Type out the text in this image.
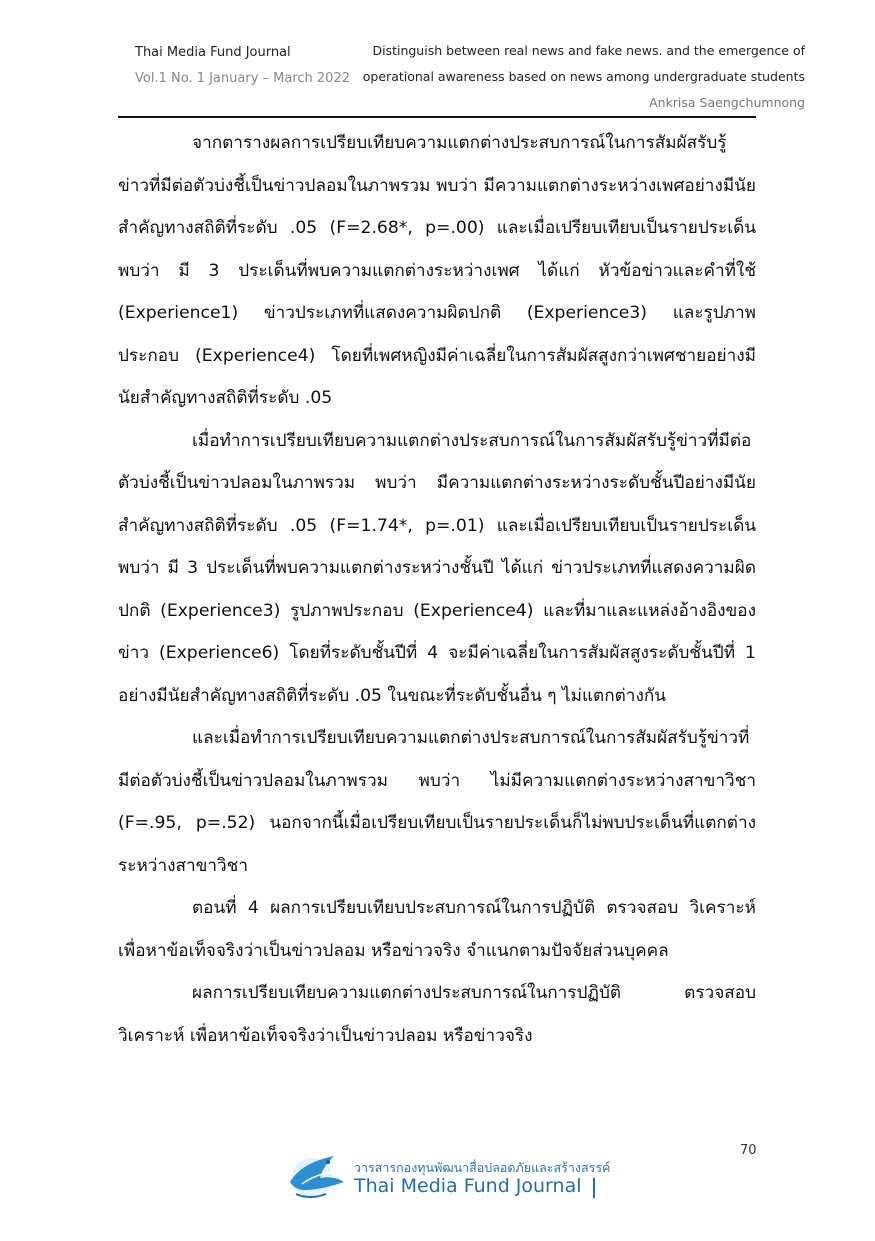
Thai Media Fund Journal
Vol.1 No. 1 January – March 2022
Distinguish between real news and fake news. and the emergence of
operational awareness based on news among undergraduate students
Ankrisa Saengchumnong

จากตารางผลการเปรียบเทียบความแตกต่างประสบการณ์ในการสัมผัสรับรู้ข่าวที่มีต่อตัวบ่งชี้เป็นข่าวปลอมในภาพรวม พบว่า มีความแตกต่างระหว่างเพศอย่างมีนัยสำคัญทางสถิติที่ระดับ .05 (F=2.68*, p=.00) และเมื่อเปรียบเทียบเป็นรายประเด็น พบว่า มี 3 ประเด็นที่พบความแตกต่างระหว่างเพศ ได้แก่ หัวข้อข่าวและคำที่ใช้ (Experience1) ข่าวประเภทที่แสดงความผิดปกติ (Experience3) และรูปภาพประกอบ (Experience4) โดยที่เพศหญิงมีค่าเฉลี่ยในการสัมผัสสูงกว่าเพศชายอย่างมีนัยสำคัญทางสถิติที่ระดับ .05

เมื่อทำการเปรียบเทียบความแตกต่างประสบการณ์ในการสัมผัสรับรู้ข่าวที่มีต่อตัวบ่งชี้เป็นข่าวปลอมในภาพรวม พบว่า มีความแตกต่างระหว่างระดับชั้นปีอย่างมีนัยสำคัญทางสถิติที่ระดับ .05 (F=1.74*, p=.01) และเมื่อเปรียบเทียบเป็นรายประเด็น พบว่า มี 3 ประเด็นที่พบความแตกต่างระหว่างชั้นปี ได้แก่ ข่าวประเภทที่แสดงความผิดปกติ (Experience3) รูปภาพประกอบ (Experience4) และที่มาและแหล่งอ้างอิงของข่าว (Experience6) โดยที่ระดับชั้นปีที่ 4 จะมีค่าเฉลี่ยในการสัมผัสสูงระดับชั้นปีที่ 1 อย่างมีนัยสำคัญทางสถิติที่ระดับ .05 ในขณะที่ระดับชั้นอื่น ๆ ไม่แตกต่างกัน

และเมื่อทำการเปรียบเทียบความแตกต่างประสบการณ์ในการสัมผัสรับรู้ข่าวที่มีต่อตัวบ่งชี้เป็นข่าวปลอมในภาพรวม พบว่า ไม่มีความแตกต่างระหว่างสาขาวิชา (F=.95, p=.52) นอกจากนี้เมื่อเปรียบเทียบเป็นรายประเด็นก็ไม่พบประเด็นที่แตกต่างระหว่างสาขาวิชา

ตอนที่ 4 ผลการเปรียบเทียบประสบการณ์ในการปฏิบัติ ตรวจสอบ วิเคราะห์ เพื่อหาข้อเท็จจริงว่าเป็นข่าวปลอม หรือข่าวจริง จำแนกตามปัจจัยส่วนบุคคล

ผลการเปรียบเทียบความแตกต่างประสบการณ์ในการปฏิบัติ ตรวจสอบ วิเคราะห์ เพื่อหาข้อเท็จจริงว่าเป็นข่าวปลอม หรือข่าวจริง

70
วารสารกองทุนพัฒนาสื่อปลอดภัยและสร้างสรรค์
Thai Media Fund Journal
